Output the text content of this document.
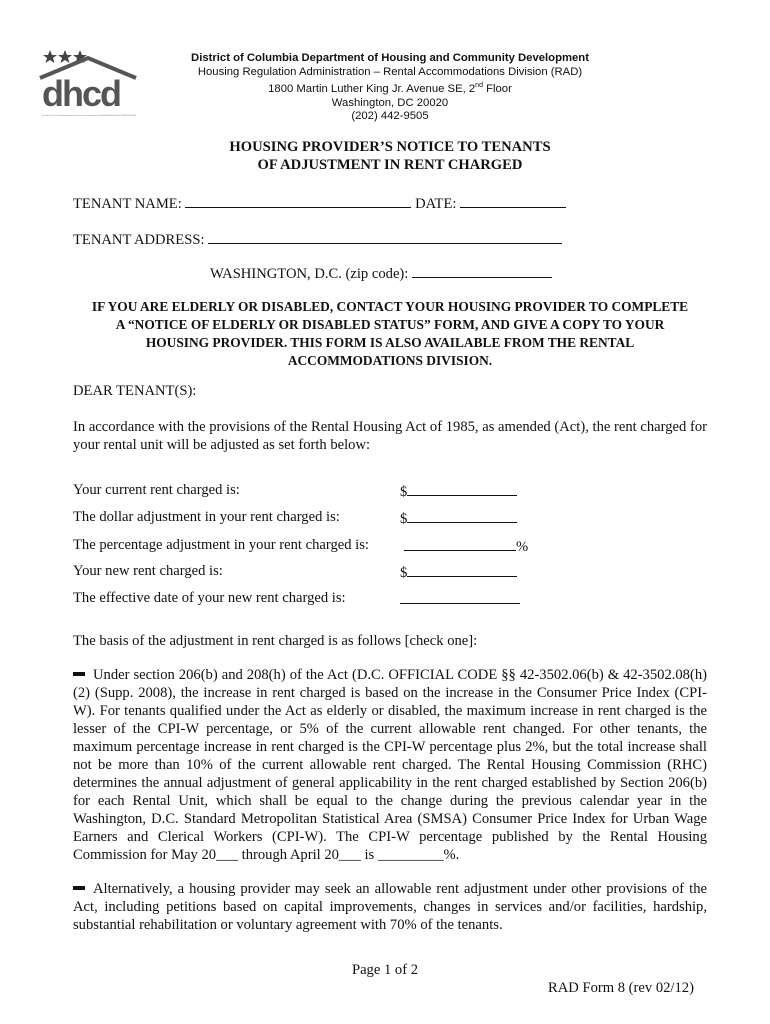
dhcd
Government of the District of Columbia Department of Housing and Community Development BUILDING NEIGHBORHOODS ONE COMMUNITY AT A TIME
District of Columbia Department of Housing and Community Development
Housing Regulation Administration – Rental Accommodations Division (RAD)
1800 Martin Luther King Jr. Avenue SE, 2nd Floor
Washington, DC 20020
(202) 442-9505
HOUSING PROVIDER’S NOTICE TO TENANTS
OF ADJUSTMENT IN RENT CHARGED
TENANT NAME:	DATE:
TENANT ADDRESS:
WASHINGTON, D.C. (zip code):
IF YOU ARE ELDERLY OR DISABLED, CONTACT YOUR HOUSING PROVIDER TO COMPLETE
A “NOTICE OF ELDERLY OR DISABLED STATUS” FORM, AND GIVE A COPY TO YOUR
HOUSING PROVIDER. THIS FORM IS ALSO AVAILABLE FROM THE RENTAL
ACCOMMODATIONS DIVISION.
DEAR TENANT(S):
In accordance with the provisions of the Rental Housing Act of 1985, as amended (Act), the rent charged for your rental unit will be adjusted as set forth below:
Your current rent charged is:	$
The dollar adjustment in your rent charged is:	$
The percentage adjustment in your rent charged is:	%
Your new rent charged is:	$
The effective date of your new rent charged is:
The basis of the adjustment in rent charged is as follows [check one]:
Under section 206(b) and 208(h) of the Act (D.C. OFFICIAL CODE §§ 42-3502.06(b) & 42-3502.08(h)(2) (Supp. 2008), the increase in rent charged is based on the increase in the Consumer Price Index (CPI-W). For tenants qualified under the Act as elderly or disabled, the maximum increase in rent charged is the lesser of the CPI-W percentage, or 5% of the current allowable rent changed. For other tenants, the maximum percentage increase in rent charged is the CPI-W percentage plus 2%, but the total increase shall not be more than 10% of the current allowable rent charged. The Rental Housing Commission (RHC) determines the annual adjustment of general applicability in the rent charged established by Section 206(b) for each Rental Unit, which shall be equal to the change during the previous calendar year in the Washington, D.C. Standard Metropolitan Statistical Area (SMSA) Consumer Price Index for Urban Wage Earners and Clerical Workers (CPI-W). The CPI-W percentage published by the Rental Housing Commission for May 20___ through April 20___ is _________%.
Alternatively, a housing provider may seek an allowable rent adjustment under other provisions of the Act, including petitions based on capital improvements, changes in services and/or facilities, hardship, substantial rehabilitation or voluntary agreement with 70% of the tenants.
Page 1 of 2
RAD Form 8 (rev 02/12)
